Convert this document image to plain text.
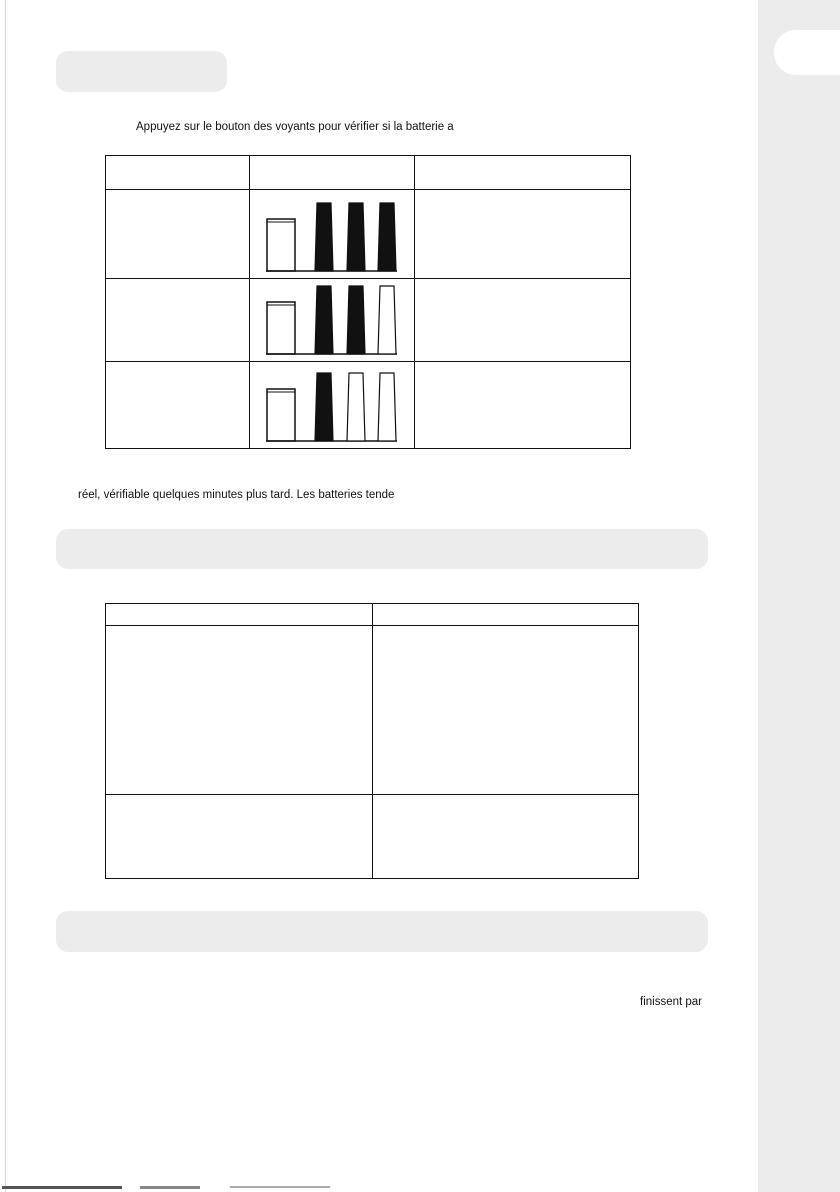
Appuyez sur le bouton des voyants pour vérifier si la batterie a

réel, vérifiable quelques minutes plus tard. Les batteries tende

finissent par
